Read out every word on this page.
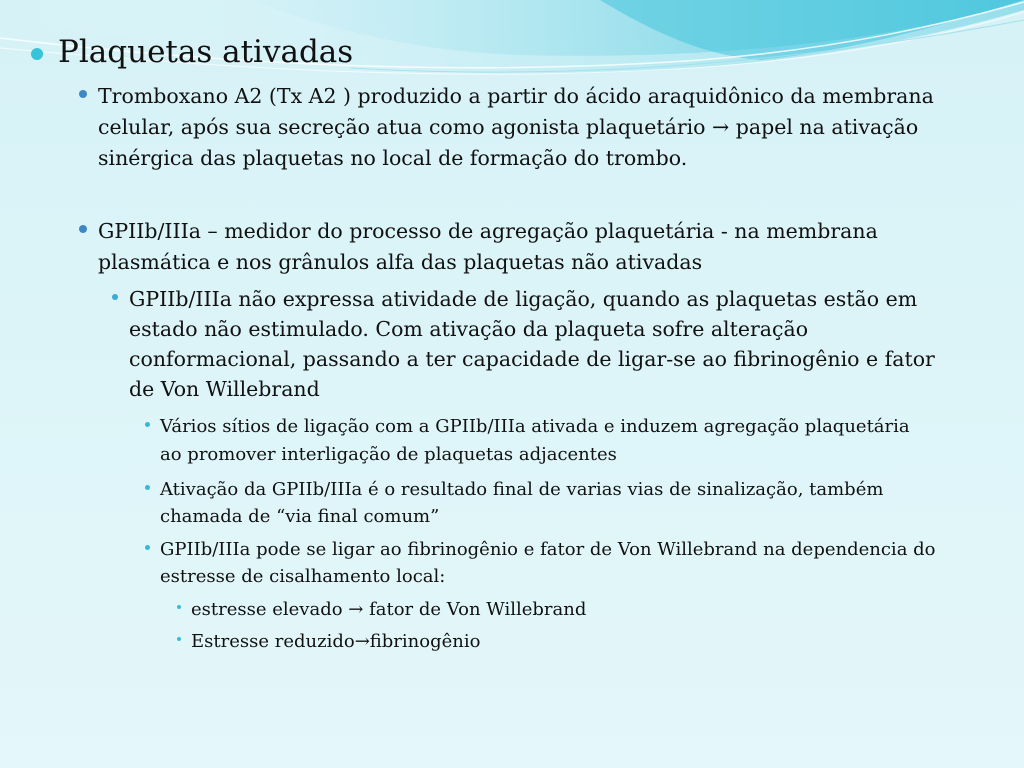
Plaquetas ativadas
Tromboxano A2 (Tx A2 ) produzido a partir do ácido araquidônico da membrana
celular, após sua secreção atua como agonista plaquetário → papel na ativação
sinérgica das plaquetas no local de formação do trombo.
GPIIb/IIIa – medidor do processo de agregação plaquetária - na membrana
plasmática e nos grânulos alfa das plaquetas não ativadas
GPIIb/IIIa não expressa atividade de ligação, quando as plaquetas estão em
estado não estimulado. Com ativação da plaqueta sofre alteração
conformacional, passando a ter capacidade de ligar-se ao fibrinogênio e fator
de Von Willebrand
Vários sítios de ligação com a GPIIb/IIIa ativada e induzem agregação plaquetária
ao promover interligação de plaquetas adjacentes
Ativação da GPIIb/IIIa é o resultado final de varias vias de sinalização, também
chamada de “via final comum”
GPIIb/IIIa pode se ligar ao fibrinogênio e fator de Von Willebrand na dependencia do
estresse de cisalhamento local:
estresse elevado → fator de Von Willebrand
Estresse reduzido→fibrinogênio
